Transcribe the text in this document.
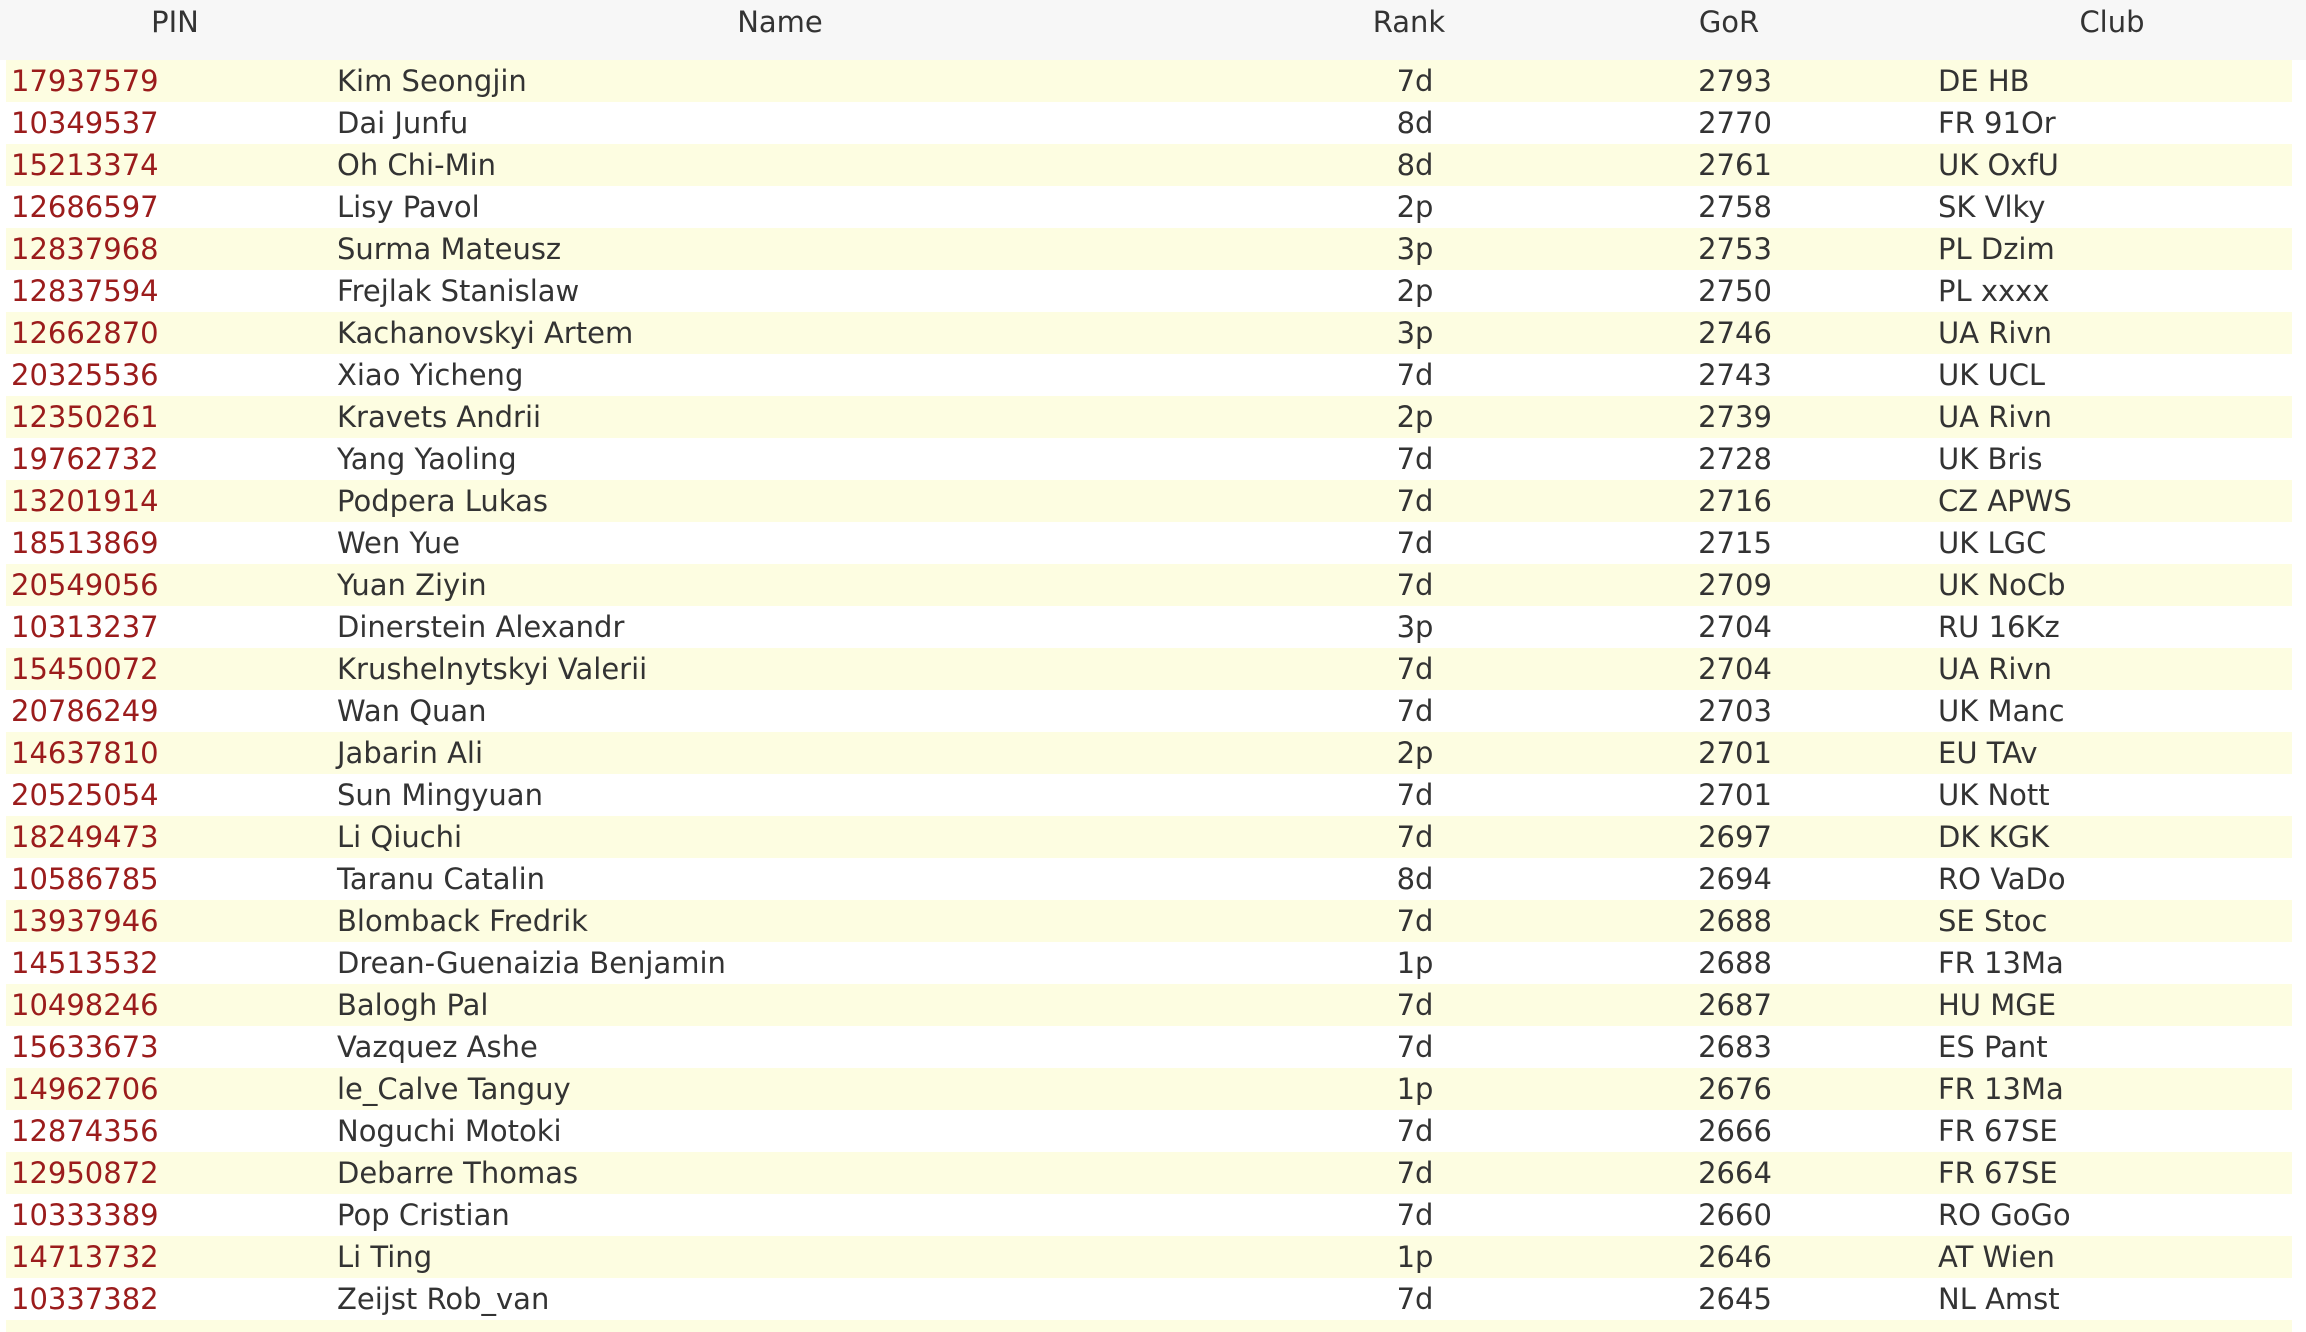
PIN	Name	Rank	GoR	Club
17937579	Kim Seongjin	7d	2793	DE HB
10349537	Dai Junfu	8d	2770	FR 91Or
15213374	Oh Chi-Min	8d	2761	UK OxfU
12686597	Lisy Pavol	2p	2758	SK Vlky
12837968	Surma Mateusz	3p	2753	PL Dzim
12837594	Frejlak Stanislaw	2p	2750	PL xxxx
12662870	Kachanovskyi Artem	3p	2746	UA Rivn
20325536	Xiao Yicheng	7d	2743	UK UCL
12350261	Kravets Andrii	2p	2739	UA Rivn
19762732	Yang Yaoling	7d	2728	UK Bris
13201914	Podpera Lukas	7d	2716	CZ APWS
18513869	Wen Yue	7d	2715	UK LGC
20549056	Yuan Ziyin	7d	2709	UK NoCb
10313237	Dinerstein Alexandr	3p	2704	RU 16Kz
15450072	Krushelnytskyi Valerii	7d	2704	UA Rivn
20786249	Wan Quan	7d	2703	UK Manc
14637810	Jabarin Ali	2p	2701	EU TAv
20525054	Sun Mingyuan	7d	2701	UK Nott
18249473	Li Qiuchi	7d	2697	DK KGK
10586785	Taranu Catalin	8d	2694	RO VaDo
13937946	Blomback Fredrik	7d	2688	SE Stoc
14513532	Drean-Guenaizia Benjamin	1p	2688	FR 13Ma
10498246	Balogh Pal	7d	2687	HU MGE
15633673	Vazquez Ashe	7d	2683	ES Pant
14962706	le_Calve Tanguy	1p	2676	FR 13Ma
12874356	Noguchi Motoki	7d	2666	FR 67SE
12950872	Debarre Thomas	7d	2664	FR 67SE
10333389	Pop Cristian	7d	2660	RO GoGo
14713732	Li Ting	1p	2646	AT Wien
10337382	Zeijst Rob_van	7d	2645	NL Amst
